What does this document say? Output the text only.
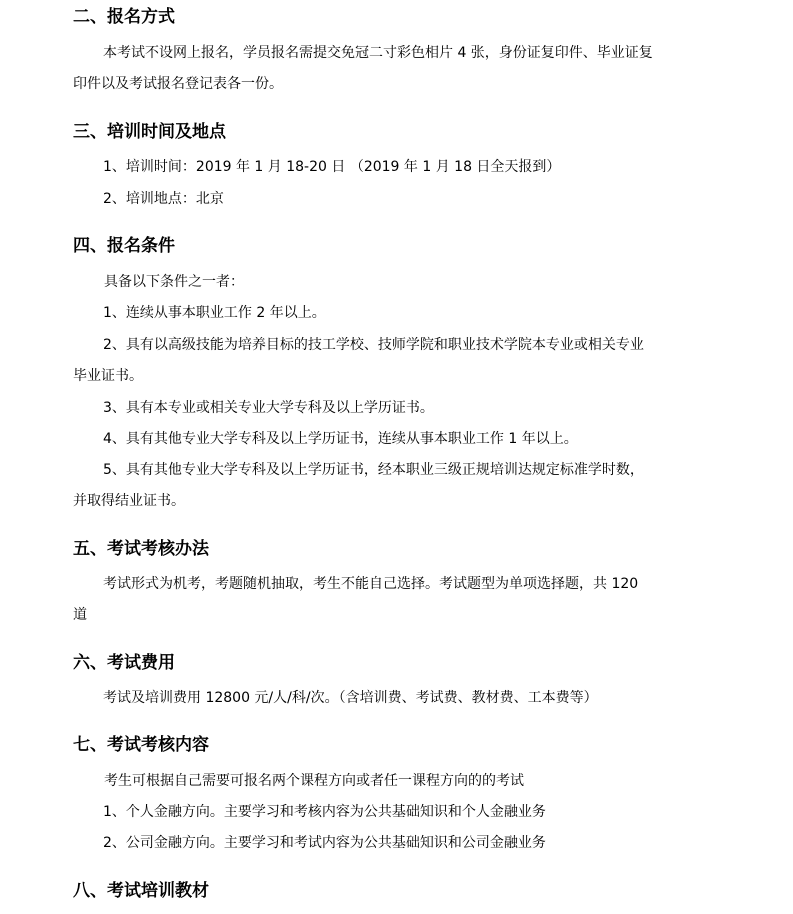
二、报名方式
本考试不设网上报名，学员报名需提交免冠二寸彩色相片 4 张，身份证复印件、毕业证复
印件以及考试报名登记表各一份。
三、培训时间及地点
1、培训时间：2019 年 1 月 18-20 日 （2019 年 1 月 18 日全天报到）
2、培训地点：北京
四、报名条件
具备以下条件之一者：
1、连续从事本职业工作 2 年以上。
2、具有以高级技能为培养目标的技工学校、技师学院和职业技术学院本专业或相关专业
毕业证书。
3、具有本专业或相关专业大学专科及以上学历证书。
4、具有其他专业大学专科及以上学历证书，连续从事本职业工作 1 年以上。
5、具有其他专业大学专科及以上学历证书，经本职业三级正规培训达规定标准学时数，
并取得结业证书。
五、考试考核办法
考试形式为机考，考题随机抽取，考生不能自己选择。考试题型为单项选择题，共 120
道
六、考试费用
考试及培训费用 12800 元/人/科/次。（含培训费、考试费、教材费、工本费等）
七、考试考核内容
考生可根据自己需要可报名两个课程方向或者任一课程方向的的考试
1、个人金融方向。主要学习和考核内容为公共基础知识和个人金融业务
2、公司金融方向。主要学习和考试内容为公共基础知识和公司金融业务
八、考试培训教材
